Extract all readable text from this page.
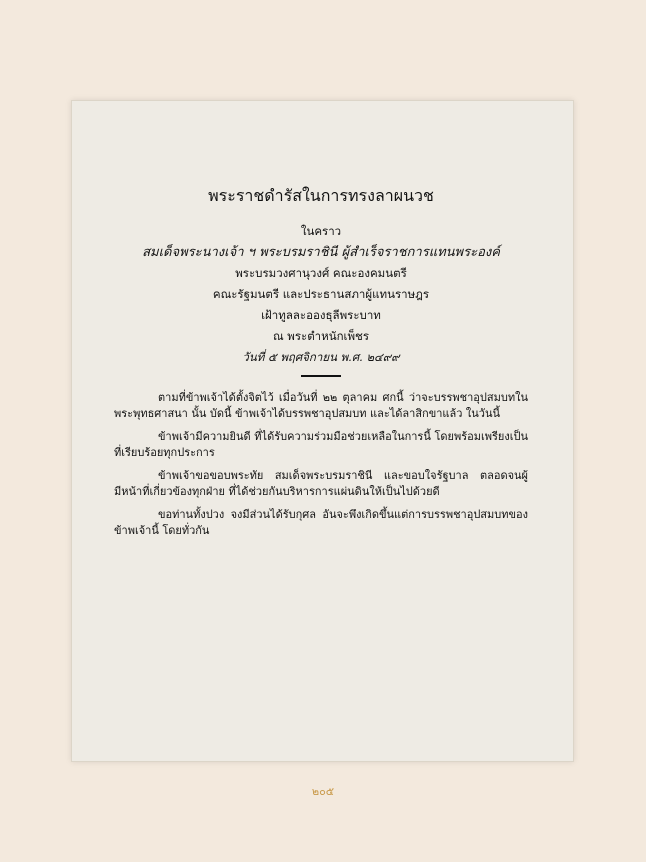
พระราชดำรัสในการทรงลาผนวช
ในคราว
สมเด็จพระนางเจ้า ฯ พระบรมราชินี ผู้สำเร็จราชการแทนพระองค์
พระบรมวงศานุวงศ์ คณะองคมนตรี
คณะรัฐมนตรี และประธานสภาผู้แทนราษฎร
เฝ้าทูลละอองธุลีพระบาท
ณ พระตำหนักเพ็ชร
วันที่ ๕ พฤศจิกายน พ.ศ. ๒๔๙๙

ตามที่ข้าพเจ้าได้ตั้งจิตไว้ เมื่อวันที่ ๒๒ ตุลาคม ศกนี้ ว่าจะบรรพชาอุปสมบทในพระพุทธศาสนา นั้น บัดนี้ ข้าพเจ้าได้บรรพชาอุปสมบท และได้ลาสิกขาแล้ว ในวันนี้

ข้าพเจ้ามีความยินดี ที่ได้รับความร่วมมือช่วยเหลือในการนี้ โดยพร้อมเพรียงเป็นที่เรียบร้อยทุกประการ

ข้าพเจ้าขอขอบพระทัย สมเด็จพระบรมราชินี และขอบใจรัฐบาล ตลอดจนผู้มีหน้าที่เกี่ยวข้องทุกฝ่าย ที่ได้ช่วยกันบริหารการแผ่นดินให้เป็นไปด้วยดี

ขอท่านทั้งปวง จงมีส่วนได้รับกุศล อันจะพึงเกิดขึ้นแต่การบรรพชาอุปสมบทของข้าพเจ้านี้ โดยทั่วกัน

๒๐๕
